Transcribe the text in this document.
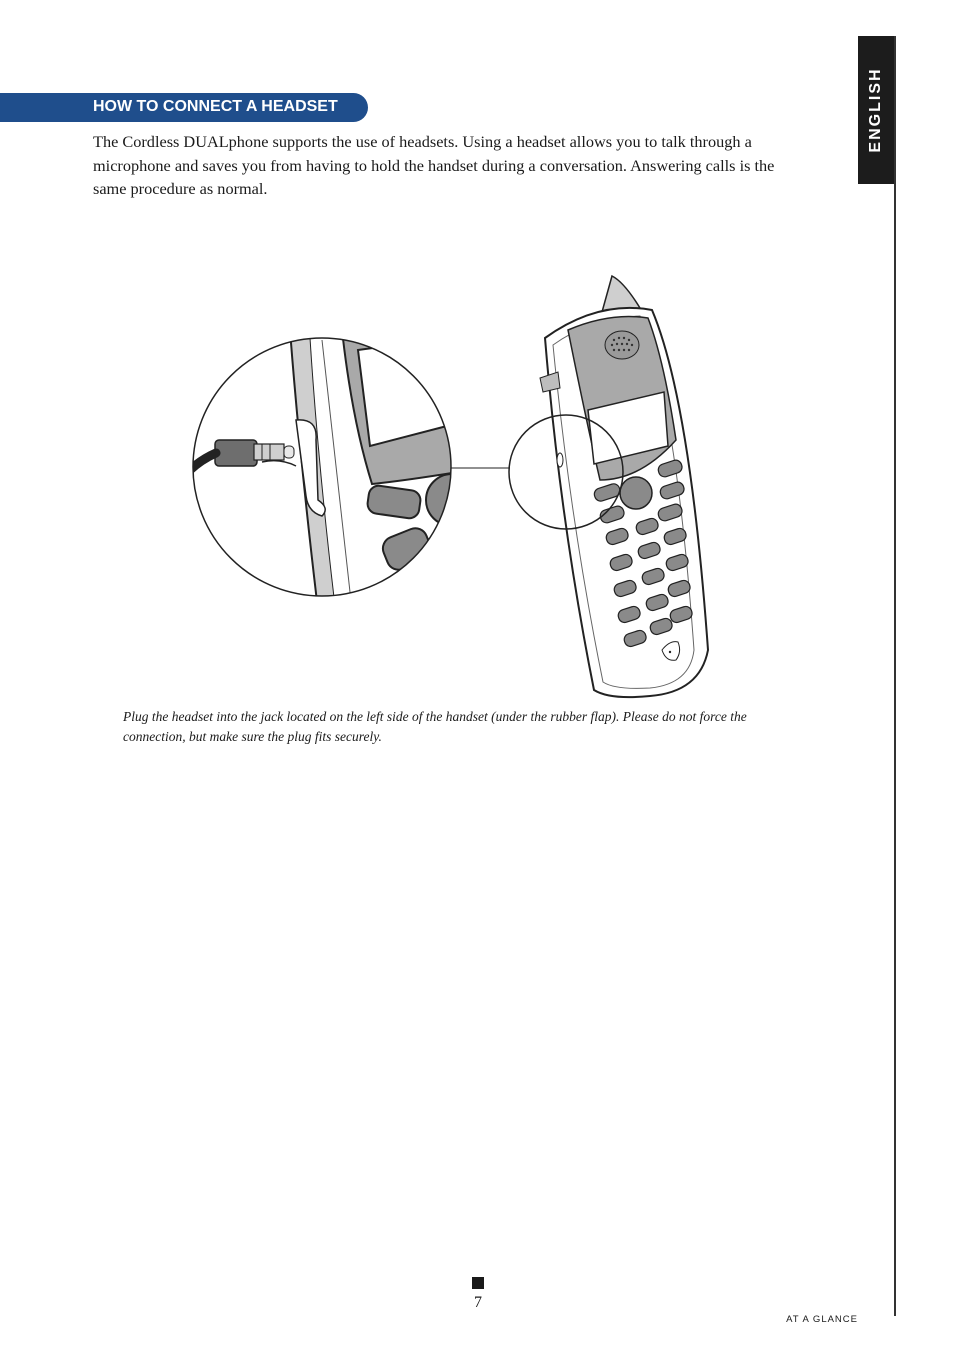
ENGLISH
HOW TO CONNECT A HEADSET

The Cordless DUALphone supports the use of headsets. Using a headset allows you to talk through a microphone and saves you from having to hold the handset during a conversation. Answering calls is the same procedure as normal.

Plug the headset into the jack located on the left side of the handset (under the rubber flap). Please do not force the connection, but make sure the plug fits securely.

7
AT A GLANCE
